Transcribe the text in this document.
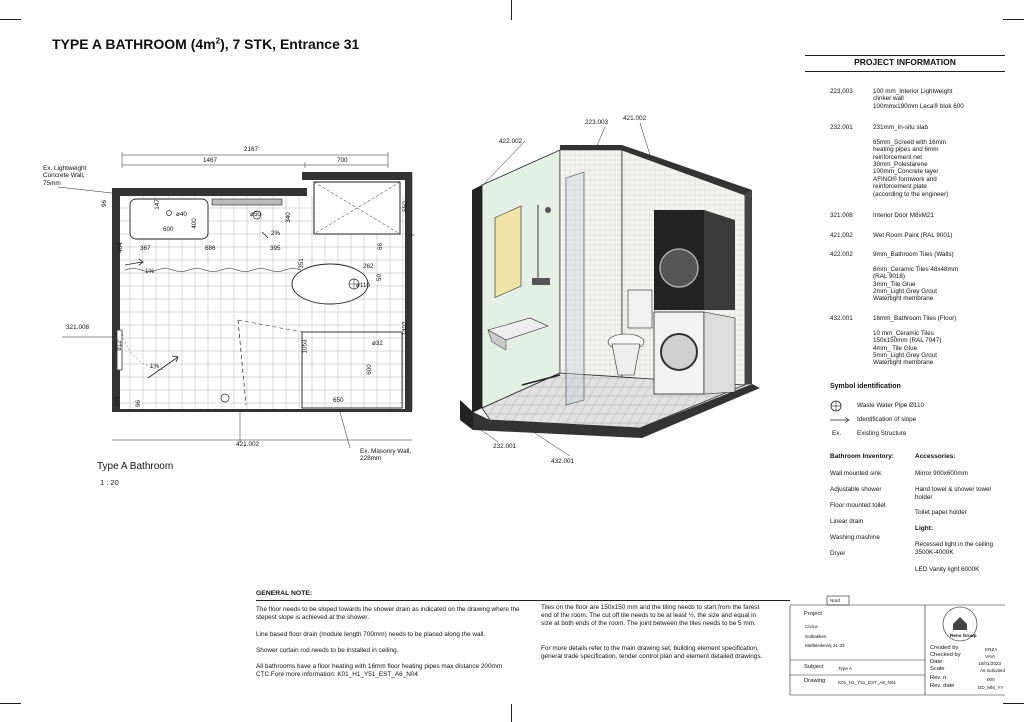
TYPE A BATHROOM $(4m^2)$, 7 STK, Entrance 31
2167
1467	700
550
1402
96	147
ø40
600
400
ø50	340
2%
395
404	367	686	66
351	262
50
ø110
1%
812	1053	ø32
600
1%
125 96	650
Ex. Lightweight
Concrete Wall,
75mm
321.008
421.002
Ex. Masonry Wall,
228mm
Type A Bathroom
1 : 20
422.002
223.003
421.002
232.001
432.001
PROJECT INFORMATION
223.003	100 mm_Interior Lightweight
clinker wall
100mmx190mm Leca® blok 600
232.001	231mm_In-situ slab

65mm_Screed with 16mm
heating pipes and 6mm
reinforcement net
30mm_Polestarene
100mm_Concrete layer
AFINO® formwork and
reinforcement plate
(according to the engineer)
321.008	Interior Door M8xM21
421.002	Wet Room Paint (RAL 9001)
422.002	9mm_Bathroom Tiles (Walls)

6mm_Ceramic Tiles 48x48mm
(RAL 9018)
3mm_Tile Glue
2mm_Light Grey Grout
Watertight membrane
432.001	16mm_Bathroom Tiles (Floor)

10 mm_Ceramic Tiles
150x150mm (RAL 7047)
4mm_ Tile Glue
5mm_Light Grey Grout
Watertight membrane
Symbol identification
Waste Water Pipe Ø110
Identification of slope
Ex.	Existing Structure
Bathroom Inventory:	Accessories:
Wall mounted sink
Adjustable shower
Floor mounted toilet
Linear drain
Washing mashine
Dryer
Mirror 900x600mm
Hand towel & shower towel holder
Toilet paper holder
Light:
Recessed light in the ceiling 3500K-4000K
LED Vanity light 6000K
GENERAL NOTE:
The floor needs to be sloped towards the shower drain as indicated on the drawing where the stepest slope is achieved at the shower.
Line based floor drain (module length 700mm) needs to be placed along the wall.
Shower curtain rod needs to be installed in ceiling.
All bathrooms have a floor heating with 16mm floor heating pipes max distance 200mm CTC.Fore more information: K01_H1_Y51_EST_A6_N04
Tiles on the floor are 150x150 mm and the tiling needs to start from the farest end of the room. The cut off tile needs to be at least ½, the size and equal in size at both ends of the room. The joint between the tiles needs to be 5 mm.
For more details refer to the main drawing set, building element specification, general trade specification, tender control plan and element detailed drawings.
Nord
Project
Civica
Solbakken
Mølleleikevej 31-33
Reno Group
Subject	Type A
Drawing	K01_H1_Y51_EST_A6_N01
Created by	KRZA
Checked by	VAVI
Date	18/01/2023
Scale	As indicated
Rev. n.	000
Rev. date	DD_MM_YY
